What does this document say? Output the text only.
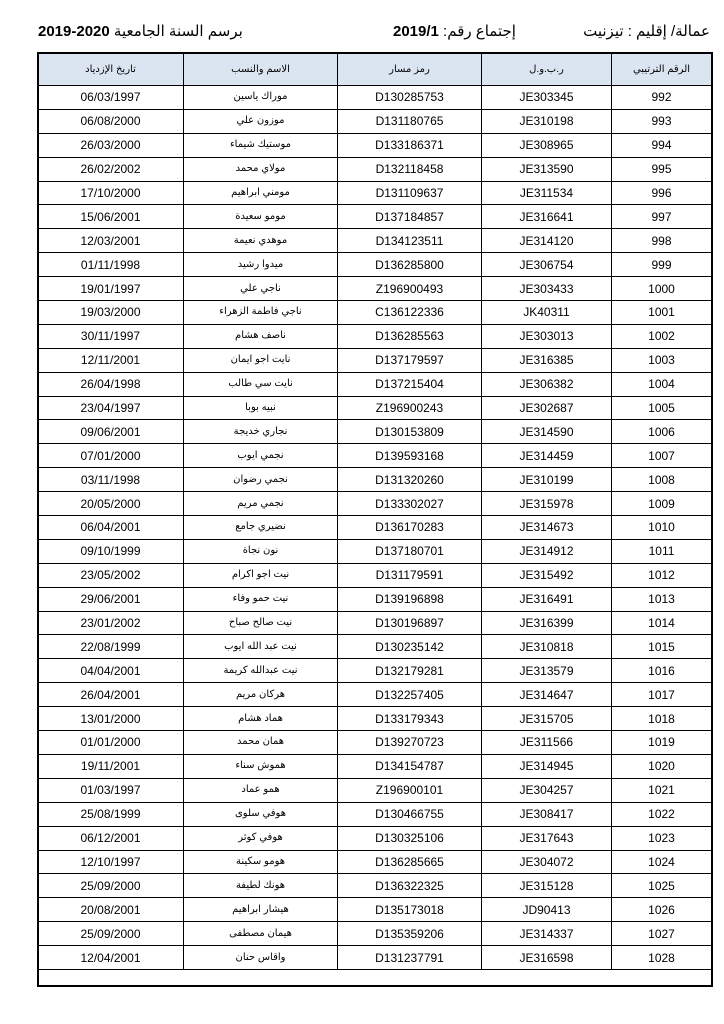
عمالة/ إقليم : تيزنيت
إجتماع رقم: 2019/1
برسم السنة الجامعية 2020-2019
تاريخ الإزدياد	الاسم والنسب	رمز مسار	ر.ب.و.ل	الرقم الترتيبي
06/03/1997	موراك ياسين	D130285753	JE303345	992
06/08/2000	موزون علي	D131180765	JE310198	993
26/03/2000	موستيك شيماء	D133186371	JE308965	994
26/02/2002	مولاي محمد	D132118458	JE313590	995
17/10/2000	مومني ابراهيم	D131109637	JE311534	996
15/06/2001	مومو سعيدة	D137184857	JE316641	997
12/03/2001	موهدي نعيمة	D134123511	JE314120	998
01/11/1998	ميدوا رشيد	D136285800	JE306754	999
19/01/1997	ناجي علي	Z196900493	JE303433	1000
19/03/2000	ناجي فاطمة الزهراء	C136122336	JK40311	1001
30/11/1997	ناصف هشام	D136285563	JE303013	1002
12/11/2001	نايت اجو ايمان	D137179597	JE316385	1003
26/04/1998	نايت سي طالب	D137215404	JE306382	1004
23/04/1997	نبيه بوبا	Z196900243	JE302687	1005
09/06/2001	نجاري خديجة	D130153809	JE314590	1006
07/01/2000	نجمي ايوب	D139593168	JE314459	1007
03/11/1998	نجمي رضوان	D131320260	JE310199	1008
20/05/2000	نجمي مريم	D133302027	JE315978	1009
06/04/2001	نضيري جامع	D136170283	JE314673	1010
09/10/1999	نون نجاة	D137180701	JE314912	1011
23/05/2002	نيت اجو اكرام	D131179591	JE315492	1012
29/06/2001	نيت حمو وفاء	D139196898	JE316491	1013
23/01/2002	نيت صالح صباح	D130196897	JE316399	1014
22/08/1999	نيت عبد الله ايوب	D130235142	JE310818	1015
04/04/2001	نيت عبدالله كريمة	D132179281	JE313579	1016
26/04/2001	هركان مريم	D132257405	JE314647	1017
13/01/2000	هماد هشام	D133179343	JE315705	1018
01/01/2000	همان محمد	D139270723	JE311566	1019
19/11/2001	هموش سناء	D134154787	JE314945	1020
01/03/1997	همو عماد	Z196900101	JE304257	1021
25/08/1999	هوفي سلوى	D130466755	JE308417	1022
06/12/2001	هوفي كوثر	D130325106	JE317643	1023
12/10/1997	هومو سكينة	D136285665	JE304072	1024
25/09/2000	هونك لطيفة	D136322325	JE315128	1025
20/08/2001	هيشار ابراهيم	D135173018	JD90413	1026
25/09/2000	هيمان مصطفى	D135359206	JE314337	1027
12/04/2001	واقاس حنان	D131237791	JE316598	1028
